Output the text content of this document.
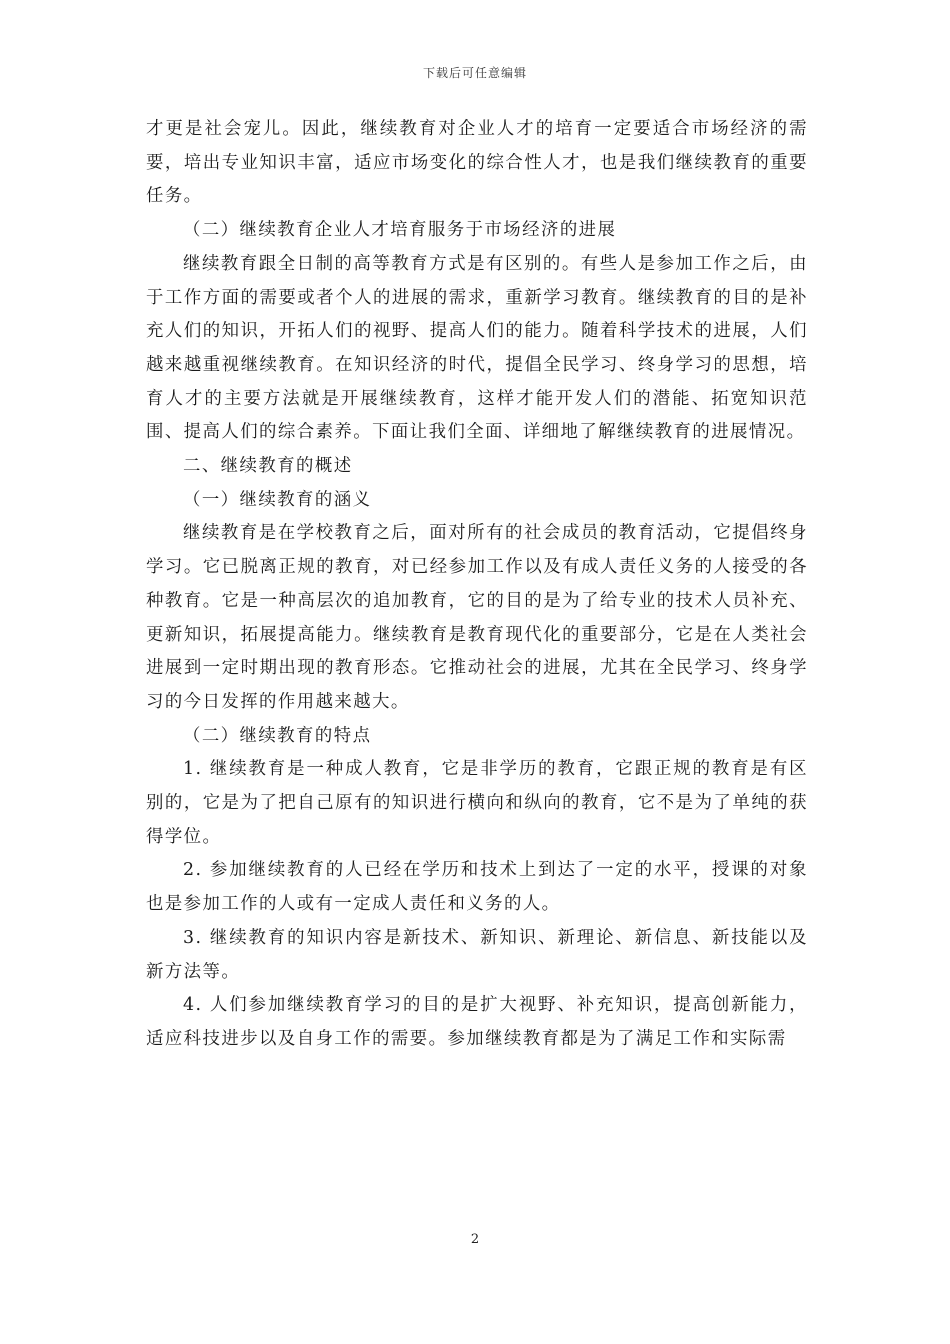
下载后可任意编辑

才更是社会宠儿。因此，继续教育对企业人才的培育一定要适合市场经济的需要，培出专业知识丰富，适应市场变化的综合性人才，也是我们继续教育的重要任务。

（二）继续教育企业人才培育服务于市场经济的进展

继续教育跟全日制的高等教育方式是有区别的。有些人是参加工作之后，由于工作方面的需要或者个人的进展的需求，重新学习教育。继续教育的目的是补充人们的知识，开拓人们的视野、提高人们的能力。随着科学技术的进展，人们越来越重视继续教育。在知识经济的时代，提倡全民学习、终身学习的思想，培育人才的主要方法就是开展继续教育，这样才能开发人们的潜能、拓宽知识范围、提高人们的综合素养。下面让我们全面、详细地了解继续教育的进展情况。

二、继续教育的概述

（一）继续教育的涵义

继续教育是在学校教育之后，面对所有的社会成员的教育活动，它提倡终身学习。它已脱离正规的教育，对已经参加工作以及有成人责任义务的人接受的各种教育。它是一种高层次的追加教育，它的目的是为了给专业的技术人员补充、更新知识，拓展提高能力。继续教育是教育现代化的重要部分，它是在人类社会进展到一定时期出现的教育形态。它推动社会的进展，尤其在全民学习、终身学习的今日发挥的作用越来越大。

（二）继续教育的特点

1. 继续教育是一种成人教育，它是非学历的教育，它跟正规的教育是有区别的，它是为了把自己原有的知识进行横向和纵向的教育，它不是为了单纯的获得学位。

2. 参加继续教育的人已经在学历和技术上到达了一定的水平，授课的对象也是参加工作的人或有一定成人责任和义务的人。

3. 继续教育的知识内容是新技术、新知识、新理论、新信息、新技能以及新方法等。

4. 人们参加继续教育学习的目的是扩大视野、补充知识，提高创新能力，适应科技进步以及自身工作的需要。参加继续教育都是为了满足工作和实际需

2
